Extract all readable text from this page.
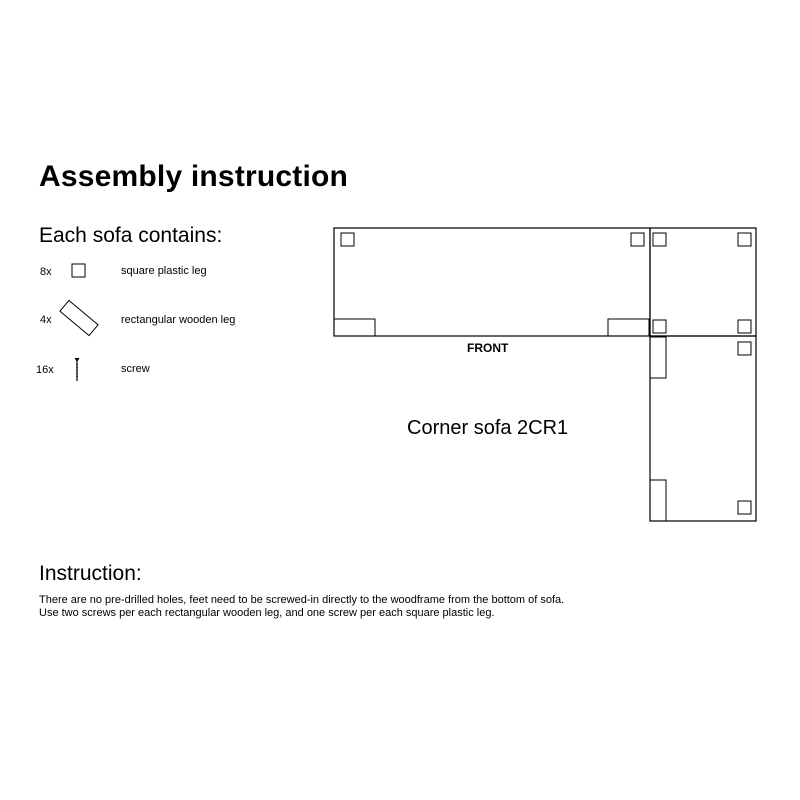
Assembly instruction
Each sofa contains:
8x	square plastic leg
4x	rectangular wooden leg
16x	screw
FRONT
Corner sofa 2CR1
Instruction:
There are no pre-drilled holes, feet need to be screwed-in directly to the woodframe from the bottom of sofa.
Use two screws per each rectangular wooden leg, and one screw per each square plastic leg.
